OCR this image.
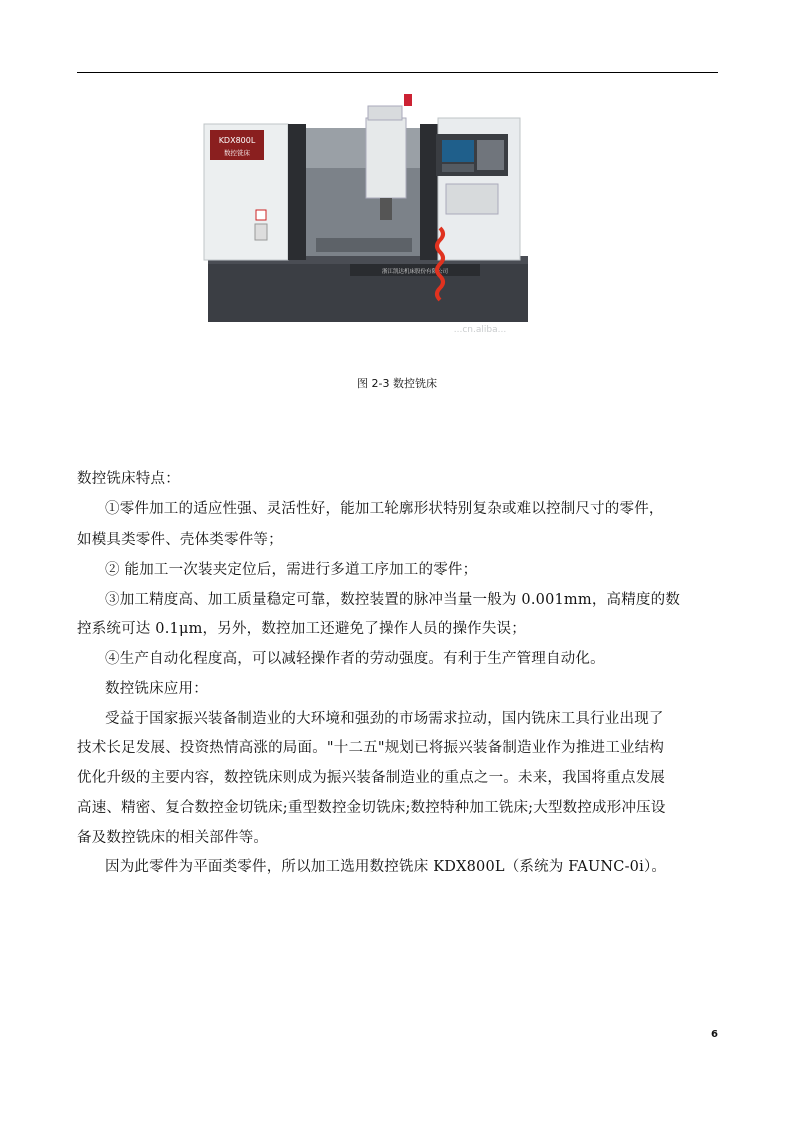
KDX800L
数控铣床
浙江凯达机床股份有限公司
...cn.aliba...
图 2-3 数控铣床
数控铣床特点：
①零件加工的适应性强、灵活性好，能加工轮廓形状特别复杂或难以控制尺寸的零件，
如模具类零件、壳体类零件等；
② 能加工一次装夹定位后，需进行多道工序加工的零件；
③加工精度高、加工质量稳定可靠，数控装置的脉冲当量一般为 0.001mm，高精度的数
控系统可达 0.1μm，另外，数控加工还避免了操作人员的操作失误；
④生产自动化程度高，可以减轻操作者的劳动强度。有利于生产管理自动化。
数控铣床应用：
受益于国家振兴装备制造业的大环境和强劲的市场需求拉动，国内铣床工具行业出现了
技术长足发展、投资热情高涨的局面。"十二五"规划已将振兴装备制造业作为推进工业结构
优化升级的主要内容，数控铣床则成为振兴装备制造业的重点之一。未来，我国将重点发展
高速、精密、复合数控金切铣床;重型数控金切铣床;数控特种加工铣床;大型数控成形冲压设
备及数控铣床的相关部件等。
因为此零件为平面类零件，所以加工选用数控铣床 KDX800L（系统为 FAUNC-0i）。
6
